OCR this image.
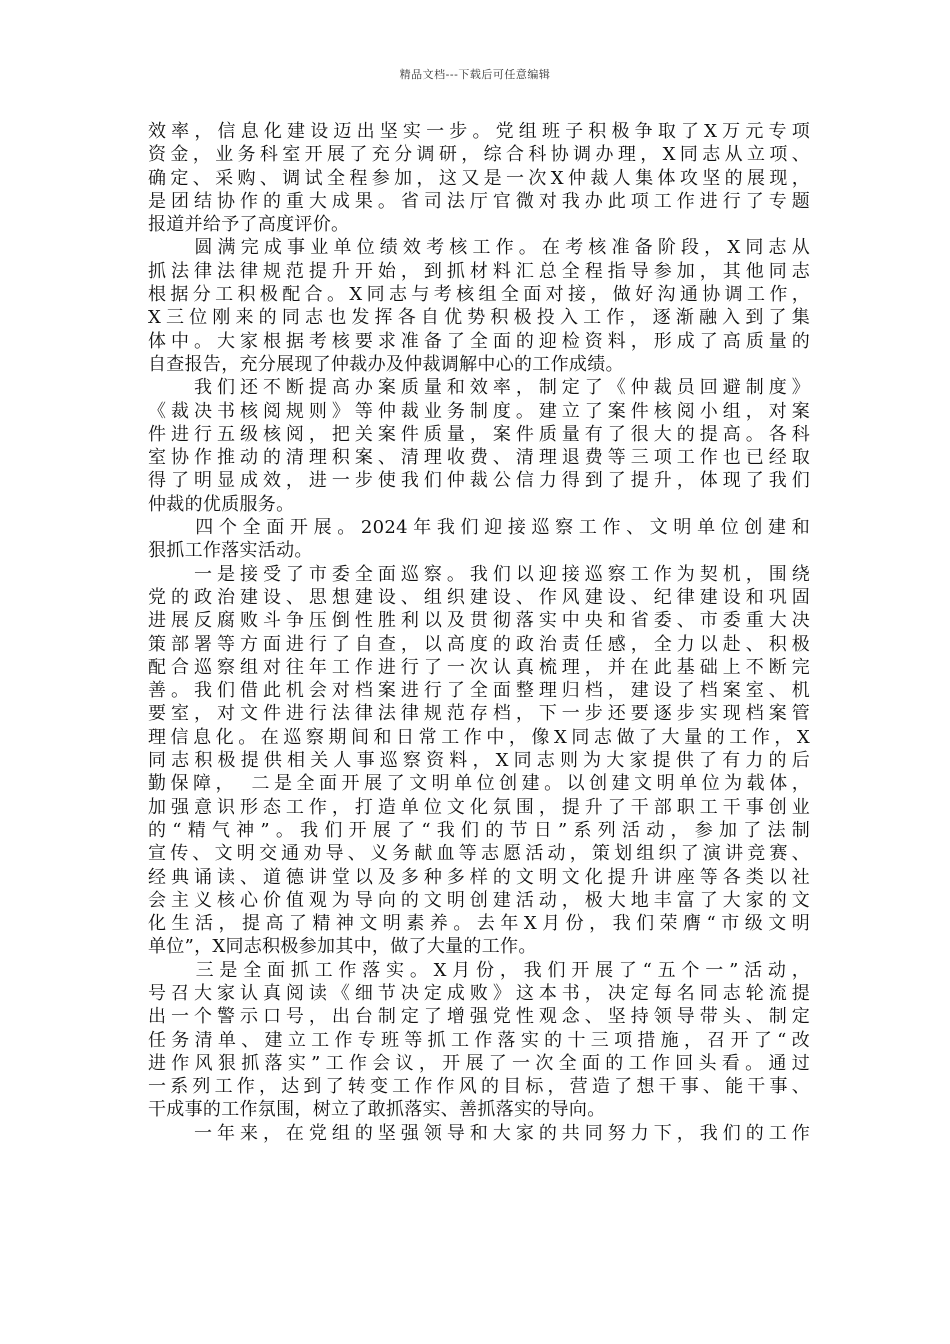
精品文档---下载后可任意编辑
效率，信息化建设迈出坚实一步。党组班子积极争取了X万元专项
资金，业务科室开展了充分调研，综合科协调办理，X同志从立项、
确定、采购、调试全程参加，这又是一次X仲裁人集体攻坚的展现，
是团结协作的重大成果。省司法厅官微对我办此项工作进行了专题
报道并给予了高度评价。
　　圆满完成事业单位绩效考核工作。在考核准备阶段，X同志从
抓法律法律规范提升开始，到抓材料汇总全程指导参加，其他同志
根据分工积极配合。X同志与考核组全面对接，做好沟通协调工作，
X三位刚来的同志也发挥各自优势积极投入工作，逐渐融入到了集
体中。大家根据考核要求准备了全面的迎检资料，形成了高质量的
自查报告，充分展现了仲裁办及仲裁调解中心的工作成绩。
　　我们还不断提高办案质量和效率，制定了《仲裁员回避制度》
《裁决书核阅规则》等仲裁业务制度。建立了案件核阅小组，对案
件进行五级核阅，把关案件质量，案件质量有了很大的提高。各科
室协作推动的清理积案、清理收费、清理退费等三项工作也已经取
得了明显成效，进一步使我们仲裁公信力得到了提升，体现了我们
仲裁的优质服务。
　　四个全面开展。2024年我们迎接巡察工作、文明单位创建和
狠抓工作落实活动。
　　一是接受了市委全面巡察。我们以迎接巡察工作为契机，围绕
党的政治建设、思想建设、组织建设、作风建设、纪律建设和巩固
进展反腐败斗争压倒性胜利以及贯彻落实中央和省委、市委重大决
策部署等方面进行了自查，以高度的政治责任感，全力以赴、积极
配合巡察组对往年工作进行了一次认真梳理，并在此基础上不断完
善。我们借此机会对档案进行了全面整理归档，建设了档案室、机
要室，对文件进行法律法律规范存档，下一步还要逐步实现档案管
理信息化。在巡察期间和日常工作中，像X同志做了大量的工作，X
同志积极提供相关人事巡察资料，X同志则为大家提供了有力的后
勤保障，　二是全面开展了文明单位创建。以创建文明单位为载体，
加强意识形态工作，打造单位文化氛围，提升了干部职工干事创业
的“精气神”。我们开展了“我们的节日”系列活动，参加了法制
宣传、文明交通劝导、义务献血等志愿活动，策划组织了演讲竞赛、
经典诵读、道德讲堂以及多种多样的文明文化提升讲座等各类以社
会主义核心价值观为导向的文明创建活动，极大地丰富了大家的文
化生活，提高了精神文明素养。去年X月份，我们荣膺“市级文明
单位”，X同志积极参加其中，做了大量的工作。
　　三是全面抓工作落实。X月份，我们开展了“五个一”活动，
号召大家认真阅读《细节决定成败》这本书，决定每名同志轮流提
出一个警示口号，出台制定了增强党性观念、坚持领导带头、制定
任务清单、建立工作专班等抓工作落实的十三项措施，召开了“改
进作风狠抓落实”工作会议，开展了一次全面的工作回头看。通过
一系列工作，达到了转变工作作风的目标，营造了想干事、能干事、
干成事的工作氛围，树立了敢抓落实、善抓落实的导向。
　　一年来，在党组的坚强领导和大家的共同努力下，我们的工作
